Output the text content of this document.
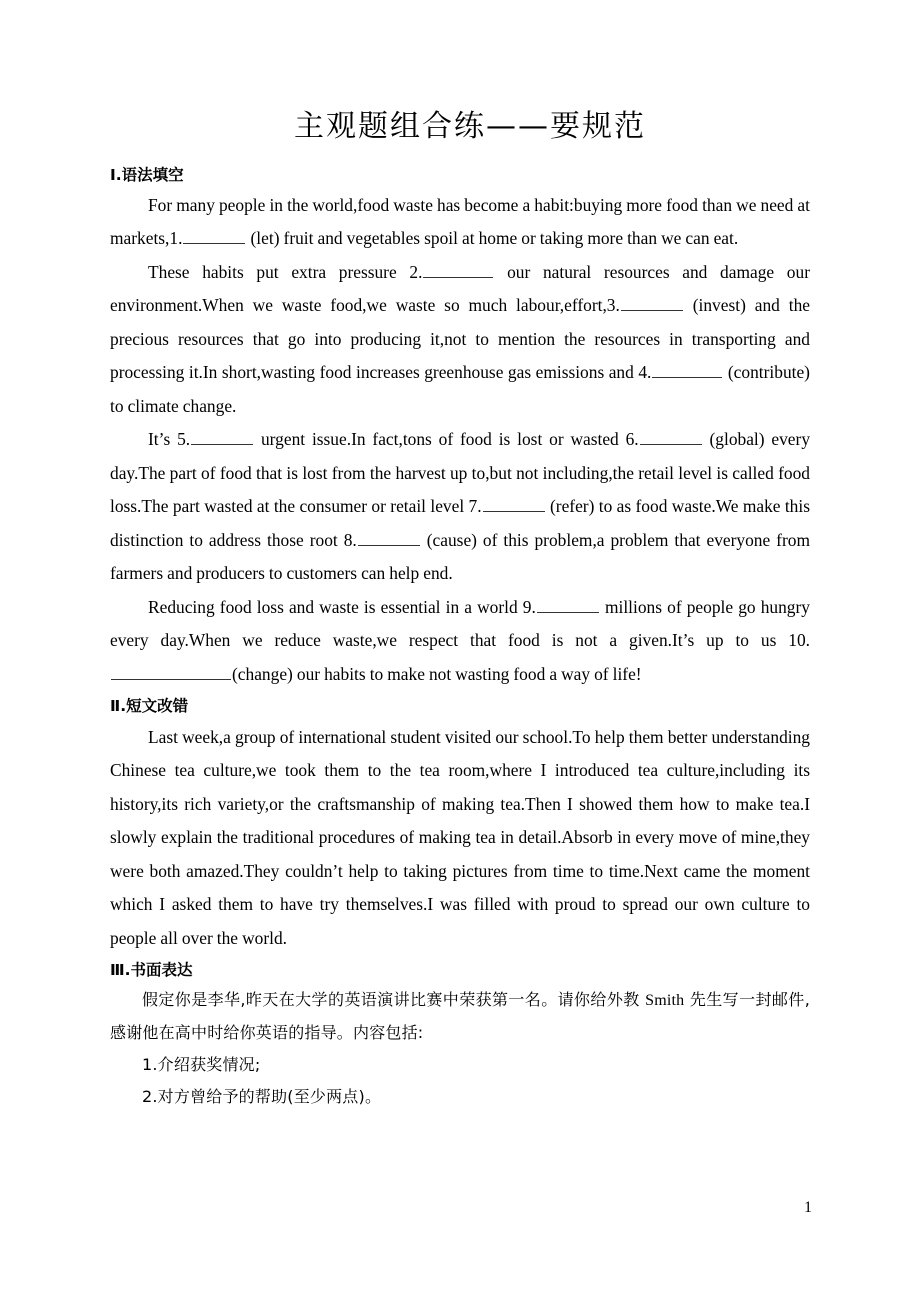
主观题组合练——要规范
Ⅰ.语法填空

For many people in the world,food waste has become a habit:buying more food than we need at markets,1.	(let) fruit and vegetables spoil at home or taking more than we can eat.

These habits put extra pressure 2.	our natural resources and damage our environment.When we waste food,we waste so much labour,effort,3.	(invest) and the precious resources that go into producing it,not to mention the resources in transporting and processing it.In short,wasting food increases greenhouse gas emissions and 4.	(contribute) to climate change.

It’s 5.	urgent issue.In fact,tons of food is lost or wasted 6.	(global) every day.The part of food that is lost from the harvest up to,but not including,the retail level is called food loss.The part wasted at the consumer or retail level 7.	(refer) to as food waste.We make this distinction to address those root 8.	(cause) of this problem,a problem that everyone from farmers and producers to customers can help end.

Reducing food loss and waste is essential in a world 9.	millions of people go hungry every day.When we reduce waste,we respect that food is not a given.It’s up to us 10.(change) our habits to make not wasting food a way of life!

Ⅱ.短文改错

Last week,a group of international student visited our school.To help them better understanding Chinese tea culture,we took them to the tea room,where I introduced tea culture,including its history,its rich variety,or the craftsmanship of making tea.Then I showed them how to make tea.I slowly explain the traditional procedures of making tea in detail.Absorb in every move of mine,they were both amazed.They couldn’t help to taking pictures from time to time.Next came the moment which I asked them to have try themselves.I was filled with proud to spread our own culture to people all over the world.

Ⅲ.书面表达

假定你是李华,昨天在大学的英语演讲比赛中荣获第一名。请你给外教 Smith 先生写一封邮件,感谢他在高中时给你英语的指导。内容包括:

1.介绍获奖情况;

2.对方曾给予的帮助(至少两点)。

1
